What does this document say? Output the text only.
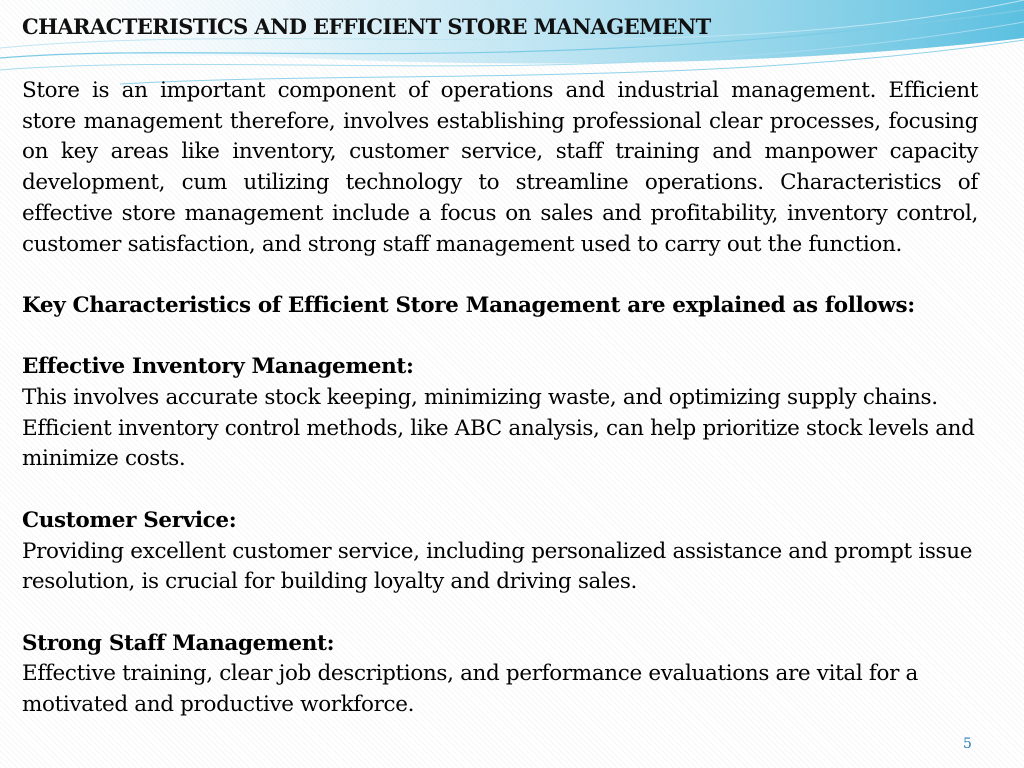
CHARACTERISTICS AND EFFICIENT STORE MANAGEMENT

Store is an important component of operations and industrial management. Efficient store management therefore, involves establishing professional clear processes, focusing on key areas like inventory, customer service, staff training and manpower capacity development, cum utilizing technology to streamline operations. Characteristics of effective store management include a focus on sales and profitability, inventory control, customer satisfaction, and strong staff management used to carry out the function.

Key Characteristics of Efficient Store Management are explained as follows:

Effective Inventory Management:

This involves accurate stock keeping, minimizing waste, and optimizing supply chains. Efficient inventory control methods, like ABC analysis, can help prioritize stock levels and minimize costs.

Customer Service:

Providing excellent customer service, including personalized assistance and prompt issue resolution, is crucial for building loyalty and driving sales.

Strong Staff Management:

Effective training, clear job descriptions, and performance evaluations are vital for a motivated and productive workforce.

5
